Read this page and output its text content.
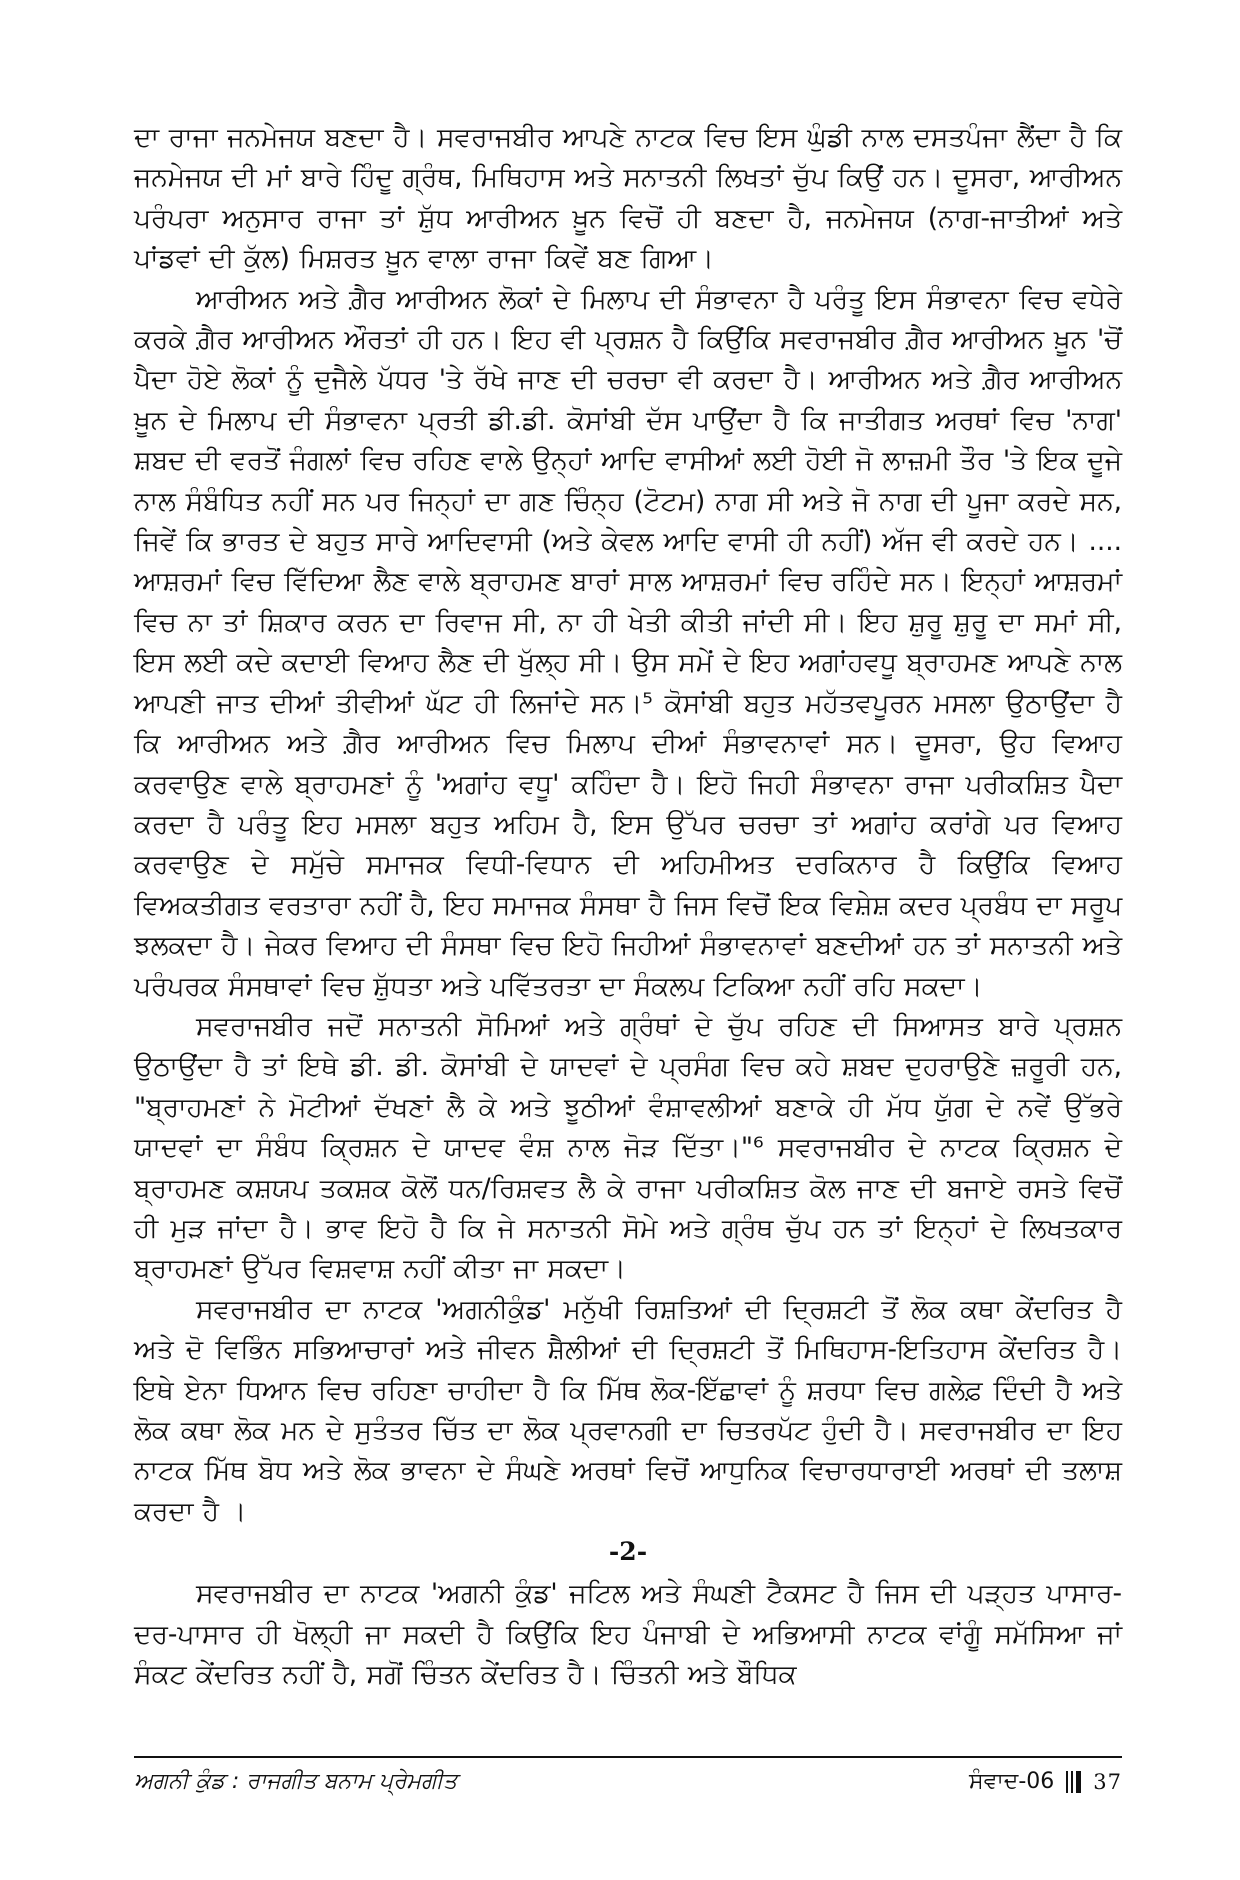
ਦਾ ਰਾਜਾ ਜਨਮੇਜਯ ਬਣਦਾ ਹੈ। ਸਵਰਾਜਬੀਰ ਆਪਣੇ ਨਾਟਕ ਵਿਚ ਇਸ ਘੁੰਡੀ ਨਾਲ ਦਸਤਪੰਜਾ ਲੈਂਦਾ ਹੈ ਕਿ ਜਨਮੇਜਯ ਦੀ ਮਾਂ ਬਾਰੇ ਹਿੰਦੂ ਗ੍ਰੰਥ, ਮਿਥਿਹਾਸ ਅਤੇ ਸਨਾਤਨੀ ਲਿਖਤਾਂ ਚੁੱਪ ਕਿਉਂ ਹਨ। ਦੂਸਰਾ, ਆਰੀਅਨ ਪਰੰਪਰਾ ਅਨੁਸਾਰ ਰਾਜਾ ਤਾਂ ਸ਼ੁੱਧ ਆਰੀਅਨ ਖ਼ੂਨ ਵਿਚੋਂ ਹੀ ਬਣਦਾ ਹੈ, ਜਨਮੇਜਯ (ਨਾਗ-ਜਾਤੀਆਂ ਅਤੇ ਪਾਂਡਵਾਂ ਦੀ ਕੁੱਲ) ਮਿਸ਼ਰਤ ਖ਼ੂਨ ਵਾਲਾ ਰਾਜਾ ਕਿਵੇਂ ਬਣ ਗਿਆ।

ਆਰੀਅਨ ਅਤੇ ਗ਼ੈਰ ਆਰੀਅਨ ਲੋਕਾਂ ਦੇ ਮਿਲਾਪ ਦੀ ਸੰਭਾਵਨਾ ਹੈ ਪਰੰਤੂ ਇਸ ਸੰਭਾਵਨਾ ਵਿਚ ਵਧੇਰੇ ਕਰਕੇ ਗ਼ੈਰ ਆਰੀਅਨ ਔਰਤਾਂ ਹੀ ਹਨ। ਇਹ ਵੀ ਪ੍ਰਸ਼ਨ ਹੈ ਕਿਉਂਕਿ ਸਵਰਾਜਬੀਰ ਗ਼ੈਰ ਆਰੀਅਨ ਖ਼ੂਨ 'ਚੋਂ ਪੈਦਾ ਹੋਏ ਲੋਕਾਂ ਨੂੰ ਦੁਜੈਲੇ ਪੱਧਰ 'ਤੇ ਰੱਖੇ ਜਾਣ ਦੀ ਚਰਚਾ ਵੀ ਕਰਦਾ ਹੈ। ਆਰੀਅਨ ਅਤੇ ਗ਼ੈਰ ਆਰੀਅਨ ਖ਼ੂਨ ਦੇ ਮਿਲਾਪ ਦੀ ਸੰਭਾਵਨਾ ਪ੍ਰਤੀ ਡੀ.ਡੀ. ਕੋਸਾਂਬੀ ਦੱਸ ਪਾਉਂਦਾ ਹੈ ਕਿ ਜਾਤੀਗਤ ਅਰਥਾਂ ਵਿਚ 'ਨਾਗ' ਸ਼ਬਦ ਦੀ ਵਰਤੋਂ ਜੰਗਲਾਂ ਵਿਚ ਰਹਿਣ ਵਾਲੇ ਉਨ੍ਹਾਂ ਆਦਿ ਵਾਸੀਆਂ ਲਈ ਹੋਈ ਜੋ ਲਾਜ਼ਮੀ ਤੌਰ 'ਤੇ ਇਕ ਦੂਜੇ ਨਾਲ ਸੰਬੰਧਿਤ ਨਹੀਂ ਸਨ ਪਰ ਜਿਨ੍ਹਾਂ ਦਾ ਗਣ ਚਿੰਨ੍ਹ (ਟੋਟਮ) ਨਾਗ ਸੀ ਅਤੇ ਜੋ ਨਾਗ ਦੀ ਪੂਜਾ ਕਰਦੇ ਸਨ, ਜਿਵੇਂ ਕਿ ਭਾਰਤ ਦੇ ਬਹੁਤ ਸਾਰੇ ਆਦਿਵਾਸੀ (ਅਤੇ ਕੇਵਲ ਆਦਿ ਵਾਸੀ ਹੀ ਨਹੀਂ) ਅੱਜ ਵੀ ਕਰਦੇ ਹਨ। .... ਆਸ਼ਰਮਾਂ ਵਿਚ ਵਿੱਦਿਆ ਲੈਣ ਵਾਲੇ ਬ੍ਰਾਹਮਣ ਬਾਰਾਂ ਸਾਲ ਆਸ਼ਰਮਾਂ ਵਿਚ ਰਹਿੰਦੇ ਸਨ। ਇਨ੍ਹਾਂ ਆਸ਼ਰਮਾਂ ਵਿਚ ਨਾ ਤਾਂ ਸ਼ਿਕਾਰ ਕਰਨ ਦਾ ਰਿਵਾਜ ਸੀ, ਨਾ ਹੀ ਖੇਤੀ ਕੀਤੀ ਜਾਂਦੀ ਸੀ। ਇਹ ਸ਼ੁਰੂ ਸ਼ੁਰੂ ਦਾ ਸਮਾਂ ਸੀ, ਇਸ ਲਈ ਕਦੇ ਕਦਾਈ ਵਿਆਹ ਲੈਣ ਦੀ ਖੁੱਲ੍ਹ ਸੀ। ਉਸ ਸਮੇਂ ਦੇ ਇਹ ਅਗਾਂਹਵਧੂ ਬ੍ਰਾਹਮਣ ਆਪਣੇ ਨਾਲ ਆਪਣੀ ਜਾਤ ਦੀਆਂ ਤੀਵੀਆਂ ਘੱਟ ਹੀ ਲਿਜਾਂਦੇ ਸਨ।⁵ ਕੋਸਾਂਬੀ ਬਹੁਤ ਮਹੱਤਵਪੂਰਨ ਮਸਲਾ ਉਠਾਉਂਦਾ ਹੈ ਕਿ ਆਰੀਅਨ ਅਤੇ ਗ਼ੈਰ ਆਰੀਅਨ ਵਿਚ ਮਿਲਾਪ ਦੀਆਂ ਸੰਭਾਵਨਾਵਾਂ ਸਨ। ਦੂਸਰਾ, ਉਹ ਵਿਆਹ ਕਰਵਾਉਣ ਵਾਲੇ ਬ੍ਰਾਹਮਣਾਂ ਨੂੰ 'ਅਗਾਂਹ ਵਧੂ' ਕਹਿੰਦਾ ਹੈ। ਇਹੋ ਜਿਹੀ ਸੰਭਾਵਨਾ ਰਾਜਾ ਪਰੀਕਸ਼ਿਤ ਪੈਦਾ ਕਰਦਾ ਹੈ ਪਰੰਤੂ ਇਹ ਮਸਲਾ ਬਹੁਤ ਅਹਿਮ ਹੈ, ਇਸ ਉੱਪਰ ਚਰਚਾ ਤਾਂ ਅਗਾਂਹ ਕਰਾਂਗੇ ਪਰ ਵਿਆਹ ਕਰਵਾਉਣ ਦੇ ਸਮੁੱਚੇ ਸਮਾਜਕ ਵਿਧੀ-ਵਿਧਾਨ ਦੀ ਅਹਿਮੀਅਤ ਦਰਕਿਨਾਰ ਹੈ ਕਿਉਂਕਿ ਵਿਆਹ ਵਿਅਕਤੀਗਤ ਵਰਤਾਰਾ ਨਹੀਂ ਹੈ, ਇਹ ਸਮਾਜਕ ਸੰਸਥਾ ਹੈ ਜਿਸ ਵਿਚੋਂ ਇਕ ਵਿਸ਼ੇਸ਼ ਕਦਰ ਪ੍ਰਬੰਧ ਦਾ ਸਰੂਪ ਝਲਕਦਾ ਹੈ। ਜੇਕਰ ਵਿਆਹ ਦੀ ਸੰਸਥਾ ਵਿਚ ਇਹੋ ਜਿਹੀਆਂ ਸੰਭਾਵਨਾਵਾਂ ਬਣਦੀਆਂ ਹਨ ਤਾਂ ਸਨਾਤਨੀ ਅਤੇ ਪਰੰਪਰਕ ਸੰਸਥਾਵਾਂ ਵਿਚ ਸ਼ੁੱਧਤਾ ਅਤੇ ਪਵਿੱਤਰਤਾ ਦਾ ਸੰਕਲਪ ਟਿਕਿਆ ਨਹੀਂ ਰਹਿ ਸਕਦਾ।

ਸਵਰਾਜਬੀਰ ਜਦੋਂ ਸਨਾਤਨੀ ਸੋਮਿਆਂ ਅਤੇ ਗ੍ਰੰਥਾਂ ਦੇ ਚੁੱਪ ਰਹਿਣ ਦੀ ਸਿਆਸਤ ਬਾਰੇ ਪ੍ਰਸ਼ਨ ਉਠਾਉਂਦਾ ਹੈ ਤਾਂ ਇਥੇ ਡੀ. ਡੀ. ਕੋਸਾਂਬੀ ਦੇ ਯਾਦਵਾਂ ਦੇ ਪ੍ਰਸੰਗ ਵਿਚ ਕਹੇ ਸ਼ਬਦ ਦੁਹਰਾਉਣੇ ਜ਼ਰੂਰੀ ਹਨ, "ਬ੍ਰਾਹਮਣਾਂ ਨੇ ਮੋਟੀਆਂ ਦੱਖਣਾਂ ਲੈ ਕੇ ਅਤੇ ਝੂਠੀਆਂ ਵੰਸ਼ਾਵਲੀਆਂ ਬਣਾਕੇ ਹੀ ਮੱਧ ਯੁੱਗ ਦੇ ਨਵੇਂ ਉੱਭਰੇ ਯਾਦਵਾਂ ਦਾ ਸੰਬੰਧ ਕ੍ਰਿਸ਼ਨ ਦੇ ਯਾਦਵ ਵੰਸ਼ ਨਾਲ ਜੋੜ ਦਿੱਤਾ।"⁶ ਸਵਰਾਜਬੀਰ ਦੇ ਨਾਟਕ ਕ੍ਰਿਸ਼ਨ ਦੇ ਬ੍ਰਾਹਮਣ ਕਸ਼ਯਪ ਤਕਸ਼ਕ ਕੋਲੋਂ ਧਨ/ਰਿਸ਼ਵਤ ਲੈ ਕੇ ਰਾਜਾ ਪਰੀਕਸ਼ਿਤ ਕੋਲ ਜਾਣ ਦੀ ਬਜਾਏ ਰਸਤੇ ਵਿਚੋਂ ਹੀ ਮੁੜ ਜਾਂਦਾ ਹੈ। ਭਾਵ ਇਹੋ ਹੈ ਕਿ ਜੇ ਸਨਾਤਨੀ ਸੋਮੇ ਅਤੇ ਗ੍ਰੰਥ ਚੁੱਪ ਹਨ ਤਾਂ ਇਨ੍ਹਾਂ ਦੇ ਲਿਖਤਕਾਰ ਬ੍ਰਾਹਮਣਾਂ ਉੱਪਰ ਵਿਸ਼ਵਾਸ਼ ਨਹੀਂ ਕੀਤਾ ਜਾ ਸਕਦਾ।

ਸਵਰਾਜਬੀਰ ਦਾ ਨਾਟਕ 'ਅਗਨੀਕੁੰਡ' ਮਨੁੱਖੀ ਰਿਸ਼ਤਿਆਂ ਦੀ ਦ੍ਰਿਸ਼ਟੀ ਤੋਂ ਲੋਕ ਕਥਾ ਕੇਂਦਰਿਤ ਹੈ ਅਤੇ ਦੋ ਵਿਭਿੰਨ ਸਭਿਆਚਾਰਾਂ ਅਤੇ ਜੀਵਨ ਸ਼ੈਲੀਆਂ ਦੀ ਦ੍ਰਿਸ਼ਟੀ ਤੋਂ ਮਿਥਿਹਾਸ-ਇਤਿਹਾਸ ਕੇਂਦਰਿਤ ਹੈ। ਇਥੇ ਏਨਾ ਧਿਆਨ ਵਿਚ ਰਹਿਣਾ ਚਾਹੀਦਾ ਹੈ ਕਿ ਮਿੱਥ ਲੋਕ-ਇੱਛਾਵਾਂ ਨੂੰ ਸ਼ਰਧਾ ਵਿਚ ਗਲੇਫ਼ ਦਿੰਦੀ ਹੈ ਅਤੇ ਲੋਕ ਕਥਾ ਲੋਕ ਮਨ ਦੇ ਸੁਤੰਤਰ ਚਿੱਤ ਦਾ ਲੋਕ ਪ੍ਰਵਾਨਗੀ ਦਾ ਚਿਤਰਪੱਟ ਹੁੰਦੀ ਹੈ। ਸਵਰਾਜਬੀਰ ਦਾ ਇਹ ਨਾਟਕ ਮਿੱਥ ਬੋਧ ਅਤੇ ਲੋਕ ਭਾਵਨਾ ਦੇ ਸੰਘਣੇ ਅਰਥਾਂ ਵਿਚੋਂ ਆਧੁਨਿਕ ਵਿਚਾਰਧਾਰਾਈ ਅਰਥਾਂ ਦੀ ਤਲਾਸ਼ ਕਰਦਾ ਹੈ ।

-2-

ਸਵਰਾਜਬੀਰ ਦਾ ਨਾਟਕ 'ਅਗਨੀ ਕੁੰਡ' ਜਟਿਲ ਅਤੇ ਸੰਘਣੀ ਟੈਕਸਟ ਹੈ ਜਿਸ ਦੀ ਪੜ੍ਹਤ ਪਾਸਾਰ-ਦਰ-ਪਾਸਾਰ ਹੀ ਖੋਲ੍ਹੀ ਜਾ ਸਕਦੀ ਹੈ ਕਿਉਂਕਿ ਇਹ ਪੰਜਾਬੀ ਦੇ ਅਭਿਆਸੀ ਨਾਟਕ ਵਾਂਗੂੰ ਸਮੱਸਿਆ ਜਾਂ ਸੰਕਟ ਕੇਂਦਰਿਤ ਨਹੀਂ ਹੈ, ਸਗੋਂ ਚਿੰਤਨ ਕੇਂਦਰਿਤ ਹੈ। ਚਿੰਤਨੀ ਅਤੇ ਬੌਧਿਕ

ਅਗਨੀ ਕੁੰਡ : ਰਾਜਗੀਤ ਬਨਾਮ ਪ੍ਰੇਮਗੀਤ	ਸੰਵਾਦ-06 37
